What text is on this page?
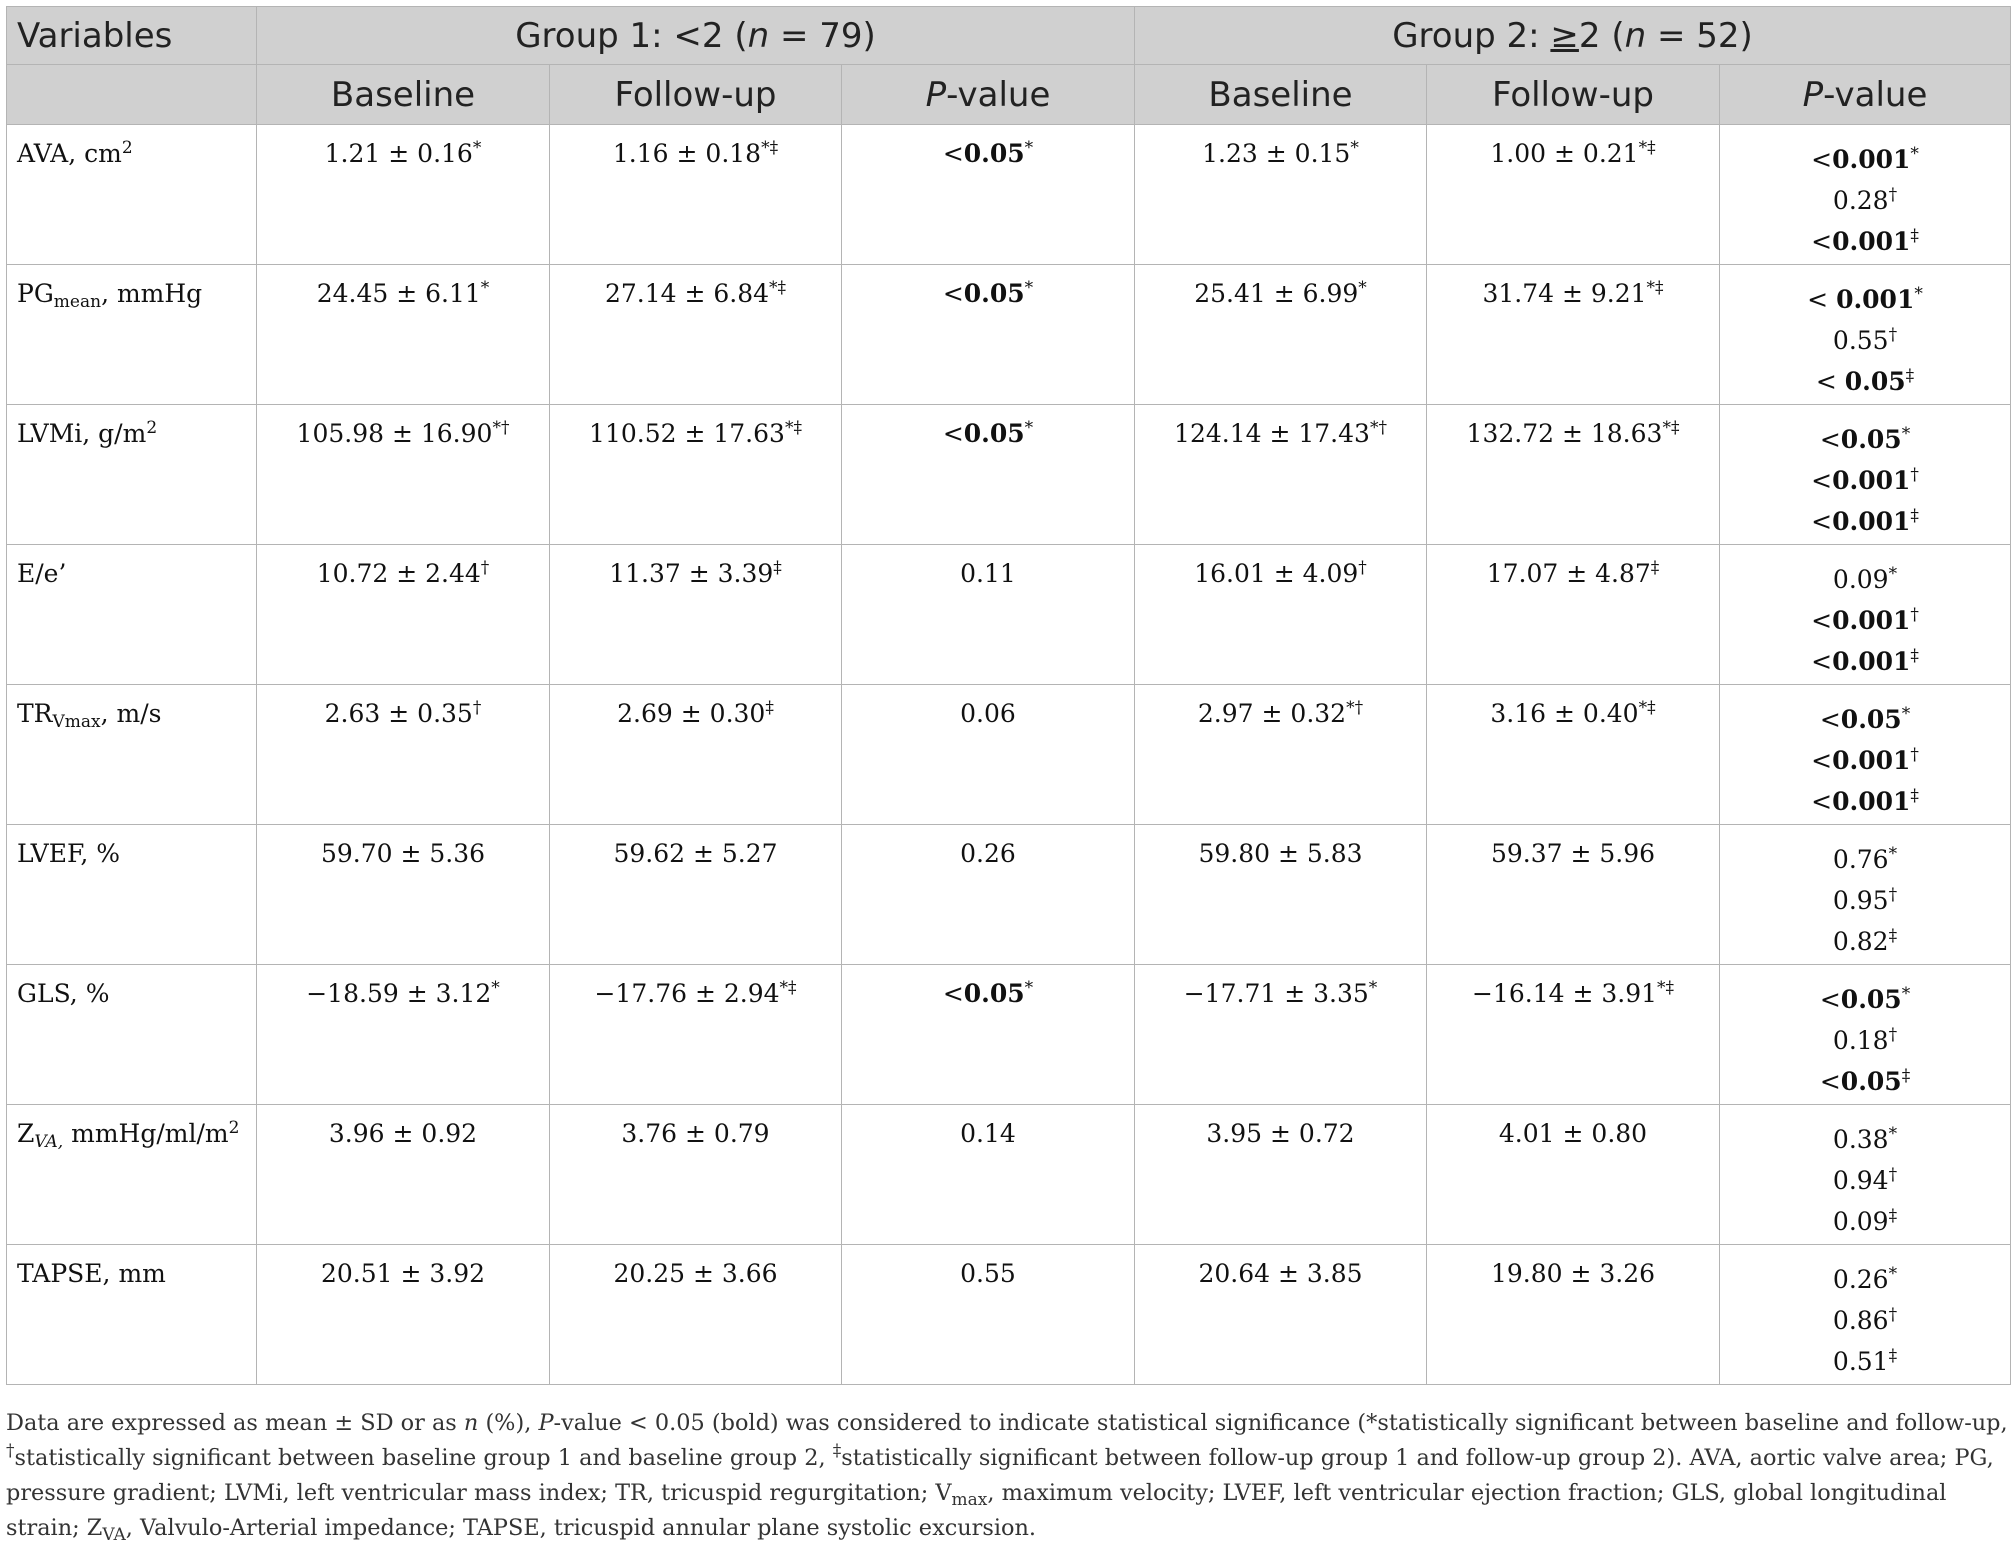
Variables	Group 1: <2 (n = 79)			Group 2: ≥2 (n = 52)		
	Baseline	Follow-up	P-value	Baseline	Follow-up	P-value
AVA, $cm^2$	1.21 ± 0.16*	1.16 ± 0.18*‡	<0.05*	1.23 ± 0.15*	1.00 ± 0.21*‡	<0.001*
0.28†
<0.001‡

$PG_{mean}$, mmHg	24.45 ± 6.11*	27.14 ± 6.84*‡	<0.05*	25.41 ± 6.99*	31.74 ± 9.21*‡	< 0.001*
0.55†
< 0.05‡

LVMi, $g/m^2$	105.98 ± 16.90*†	110.52 ± 17.63*‡	<0.05*	124.14 ± 17.43*†	132.72 ± 18.63*‡	<0.05*
<0.001†
<0.001‡

E/e’	10.72 ± 2.44†	11.37 ± 3.39‡	0.11	16.01 ± 4.09†	17.07 ± 4.87‡	0.09*
<0.001†
<0.001‡

$TR_{Vmax}$, m/s	2.63 ± 0.35†	2.69 ± 0.30‡	0.06	2.97 ± 0.32*†	3.16 ± 0.40*‡	<0.05*
<0.001†
<0.001‡

LVEF, %	59.70 ± 5.36	59.62 ± 5.27	0.26	59.80 ± 5.83	59.37 ± 5.96	0.76*
0.95†
0.82‡

GLS, %	−18.59 ± 3.12*	−17.76 ± 2.94*‡	<0.05*	−17.71 ± 3.35*	−16.14 ± 3.91*‡	<0.05*
0.18†
<0.05‡

$Z_{VA,}$ mmHg/$ml/m^2$	3.96 ± 0.92	3.76 ± 0.79	0.14	3.95 ± 0.72	4.01 ± 0.80	0.38*
0.94†
0.09‡

TAPSE, mm	20.51 ± 3.92	20.25 ± 3.66	0.55	20.64 ± 3.85	19.80 ± 3.26	0.26*
0.86†
0.51‡
Data are expressed as mean ± SD or as n (%), P-value < 0.05 (bold) was considered to indicate statistical significance (*statistically significant between baseline and follow-up, †statistically significant between baseline group 1 and baseline group 2, ‡statistically significant between follow-up group 1 and follow-up group 2). AVA, aortic valve area; PG, pressure gradient; LVMi, left ventricular mass index; TR, tricuspid regurgitation; $V_{max}$, maximum velocity; LVEF, left ventricular ejection fraction; GLS, global longitudinal strain; $Z_{VA}$, Valvulo-Arterial impedance; TAPSE, tricuspid annular plane systolic excursion.
